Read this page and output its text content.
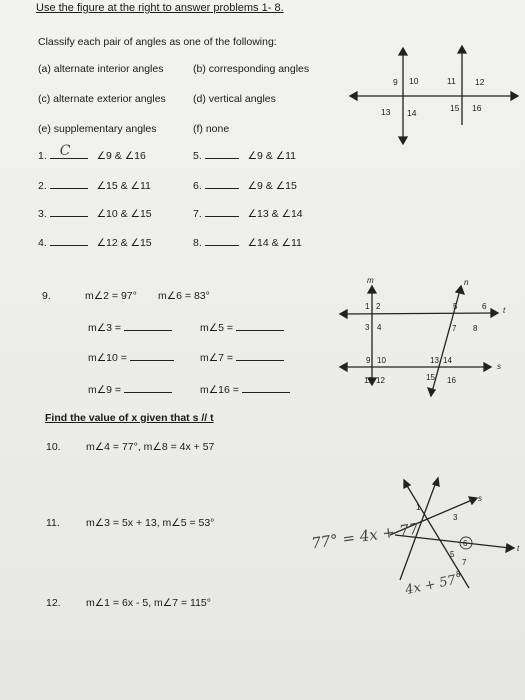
Use the figure at the right to answer problems 1- 8.
Classify each pair of angles as one of the following:
(a) alternate interior angles	(b) corresponding angles
(c) alternate exterior angles	(d) vertical angles
(e) supplementary angles	(f) none
1. C ∠9 & ∠16
2.	∠15 & ∠11
3.	∠10 & ∠15
4.	∠12 & ∠15
5.	∠9 & ∠11
6.	∠9 & ∠15
7.	∠13 & ∠14
8.	∠14 & ∠11
9 10	11 12
13 14	15 16
9.	m∠2 = 97° m∠6 = 83°
m∠3 =	m∠5 =
m∠10 =	m∠7 =
m∠9 =	m∠16 =
m	n
t
s
1 2
3 4
5	6
7 8
9 10
11 12
13 14
15 16
Find the value of x given that s // t
10. m∠4 = 77°, m∠8 = 4x + 57
11. m∠3 = 5x + 13, m∠5 = 53°
12. m∠1 = 6x - 5, m∠7 = 115°
s
t
1
3
5
6
7
8
77° = 4x + 77
4x + 57
